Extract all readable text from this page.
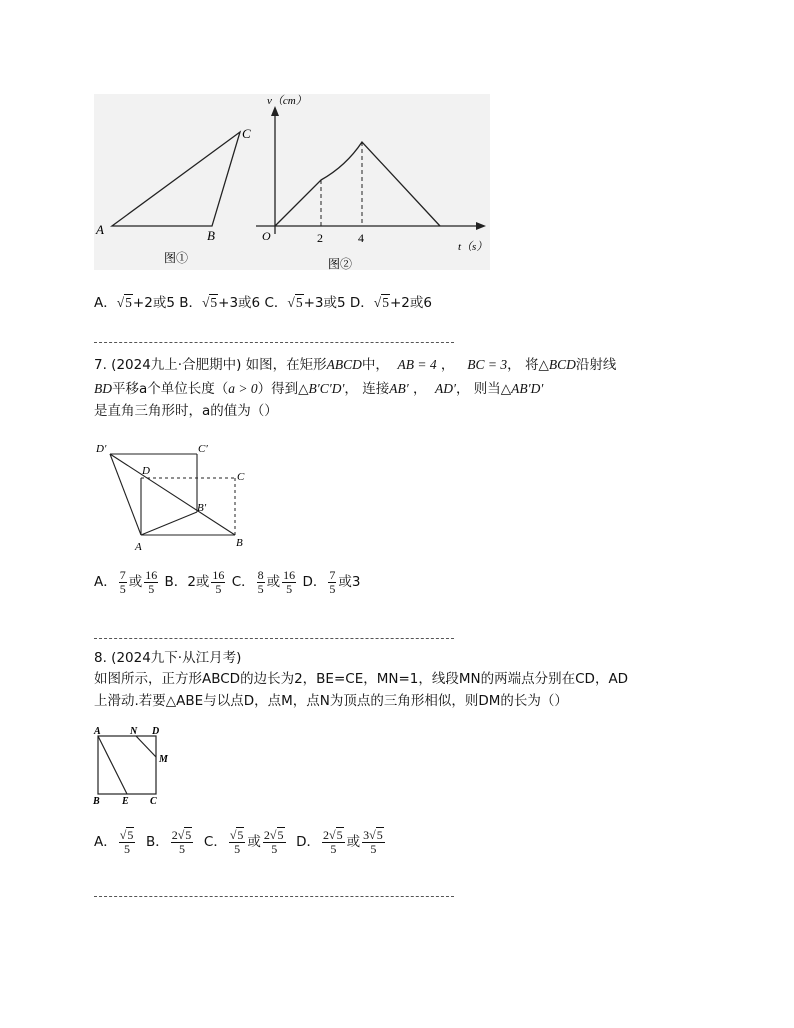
A	B
C
图①
v（cm）
t（s）
O	2	4
图②
A．√5+2或5 B．√5+3或6 C．√5+3或5 D．√5+2或6
7. (2024九上·合肥期中) 如图，在矩形ABCD中， AB = 4 ，   BC = 3， 将△BCD沿射线
BD平移a个单位长度（a > 0）得到△B′C′D′， 连接AB′ ， AD′， 则当△AB′D′
是直角三角形时，a的值为（）
D′	C′
D	C
B′
A	B
A． $\frac{7}{5}$ 或 $\frac{16}{5}$ B．2或 $\frac{16}{5}$ C． $\frac{8}{5}$ 或 $\frac{16}{5}$ D． $\frac{7}{5}$ 或3
8. (2024九下·从江月考)
如图所示，正方形ABCD的边长为2，BE=CE，MN=1，线段MN的两端点分别在CD，AD
上滑动.若要△ABE与以点D，点M，点N为顶点的三角形相似，则DM的长为（）
A	N D
M
B E C
A． $\frac{√5}{5}$ B． $\frac{2√5}{5}$ C． $\frac{√5}{5}$ 或 $\frac{2√5}{5}$ D． $\frac{2√5}{5}$ 或 $\frac{3√5}{5}$
